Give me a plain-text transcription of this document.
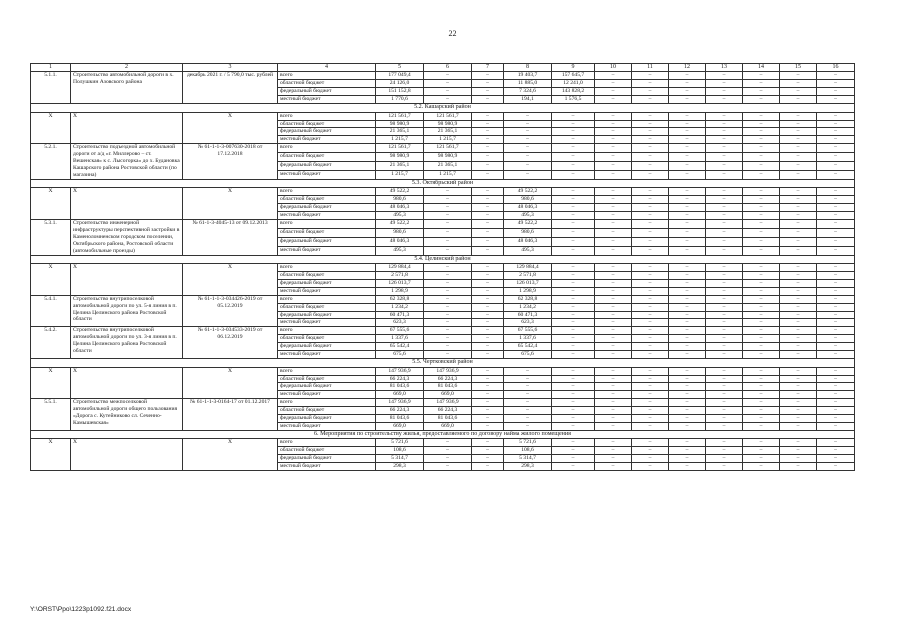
22
1	2	3	4	5	6	7	8	9	10	11	12	13	14	15	16
5.1.1.	Строительство автомобильной дороги в х. Полушкин Азовского района	декабрь 2021 г. / 5 790,0 тыс. рублей	всего	177 049,4	–	–	19 403,7	157 645,7	–	–	–	–	–	–	–
			областной бюджет	24 126,0	–	–	11 885,0	12 241,0	–	–	–	–	–	–	–
			федеральный бюджет	151 152,8	–	–	7 324,6	143 828,2	–	–	–	–	–	–	–
			местный бюджет	1 770,6	–	–	194,1	1 576,5	–	–	–	–	–	–	–
5.2. Кашарский район															
Х	Х	Х	всего	121 561,7	121 561,7	–	–	–	–	–	–	–	–	–	–
			областной бюджет	98 980,9	98 980,9	–	–	–	–	–	–	–	–	–	–
			федеральный бюджет	21 365,1	21 365,1	–	–	–	–	–	–	–	–	–	–
			местный бюджет	1 215,7	1 215,7	–	–	–	–	–	–	–	–	–	–
5.2.1.	Строительство подъездной автомобильной дороги от а/д «г. Миллерово – ст. Вешенская» к с. Лысогорка» до х. Будановка Кашарского района Ростовской области (по магазина)	№ 61-1-1-3-007630-2018 от 17.12.2018	всего	121 561,7	121 561,7	–	–	–	–	–	–	–	–	–	–
			областной бюджет	98 980,9	98 980,9	–	–	–	–	–	–	–	–	–	–
			федеральный бюджет	21 365,1	21 365,1	–	–	–	–	–	–	–	–	–	–
			местный бюджет	1 215,7	1 215,7	–	–	–	–	–	–	–	–	–	–
5.3. Октябрьский район															
Х	Х	Х	всего	49 522,2	–	–	49 522,2	–	–	–	–	–	–	–	–
			областной бюджет	980,6	–	–	980,6	–	–	–	–	–	–	–	–
			федеральный бюджет	48 046,3	–	–	48 046,3	–	–	–	–	–	–	–	–
			местный бюджет	495,3	–	–	495,3	–	–	–	–	–	–	–	–
5.3.1.	Строительство инженерной инфраструктуры перспективной застройки в Каменоломненском городском поселении, Октябрьского района, Ростовской области (автомобильные проезды)	№ 61-1-3-4045-13 от 09.12.2013	всего	49 522,2	–	–	49 522,2	–	–	–	–	–	–	–	–
			областной бюджет	980,6	–	–	980,6	–	–	–	–	–	–	–	–
			федеральный бюджет	48 046,3	–	–	48 046,3	–	–	–	–	–	–	–	–
			местный бюджет	495,3	–	–	495,3	–	–	–	–	–	–	–	–
5.4. Целинский район															
Х	Х	Х	всего	129 884,4	–	–	129 884,4	–	–	–	–	–	–	–	–
			областной бюджет	2 571,8	–	–	2 571,8	–	–	–	–	–	–	–	–
			федеральный бюджет	126 013,7	–	–	126 013,7	–	–	–	–	–	–	–	–
			местный бюджет	1 298,9	–	–	1 298,9	–	–	–	–	–	–	–	–
5.4.1.	Строительство внутрипоселковой автомобильной дороги по ул. 5-я линия в п. Целина Целинского района Ростовской области	№ 61-1-1-3-034426-2019 от 05.12.2019	всего	62 328,8	–	–	62 328,8	–	–	–	–	–	–	–	–
			областной бюджет	1 234,2	–	–	1 234,2	–	–	–	–	–	–	–	–
			федеральный бюджет	60 471,3	–	–	60 471,3	–	–	–	–	–	–	–	–
			местный бюджет	623,3	–	–	623,3	–	–	–	–	–	–	–	–
5.4.2.	Строительство внутрипоселковой автомобильной дороги по ул. 3-я линия в п. Целина Целинского района Ростовской области	№ 61-1-1-3-034533-2019 от 06.12.2019	всего	67 555,6	–	–	67 555,6	–	–	–	–	–	–	–	–
			областной бюджет	1 337,6	–	–	1 337,6	–	–	–	–	–	–	–	–
			федеральный бюджет	65 542,4	–	–	65 542,4	–	–	–	–	–	–	–	–
			местный бюджет	675,6	–	–	675,6	–	–	–	–	–	–	–	–
5.5. Чертковский район															
Х	Х	Х	всего	147 936,9	147 936,9	–	–	–	–	–	–	–	–	–	–
			областной бюджет	66 224,3	66 224,3	–	–	–	–	–	–	–	–	–	–
			федеральный бюджет	81 043,6	81 043,6	–	–	–	–	–	–	–	–	–	–
			местный бюджет	669,0	669,0	–	–	–	–	–	–	–	–	–	–
5.5.1.	Строительство межпоселковой автомобильной дороги общего пользования «Дорога с. Кутейниково сл. Сеченно-Камышевская»	№ 61-1-1-3-0164-17 от 01.12.2017	всего	147 936,9	147 936,9	–	–	–	–	–	–	–	–	–	–
			областной бюджет	66 224,3	66 224,3	–	–	–	–	–	–	–	–	–	–
			федеральный бюджет	81 043,6	81 043,6	–	–	–	–	–	–	–	–	–	–
			местный бюджет	669,0	669,0	–	–	–	–	–	–	–	–	–	–
6. Мероприятия по строительству жилья, предоставляемого по договору найма жилого помещения															
Х	Х	Х	всего	5 721,6	–	–	5 721,6	–	–	–	–	–	–	–	–
			областной бюджет	108,6	–	–	108,6	–	–	–	–	–	–	–	–
			федеральный бюджет	5 314,7	–	–	5 314,7	–	–	–	–	–	–	–	–
			местный бюджет	298,3	–	–	298,3	–	–	–	–	–	–	–	–
Y:\ORST\Ppo\1223p1092.f21.docx
